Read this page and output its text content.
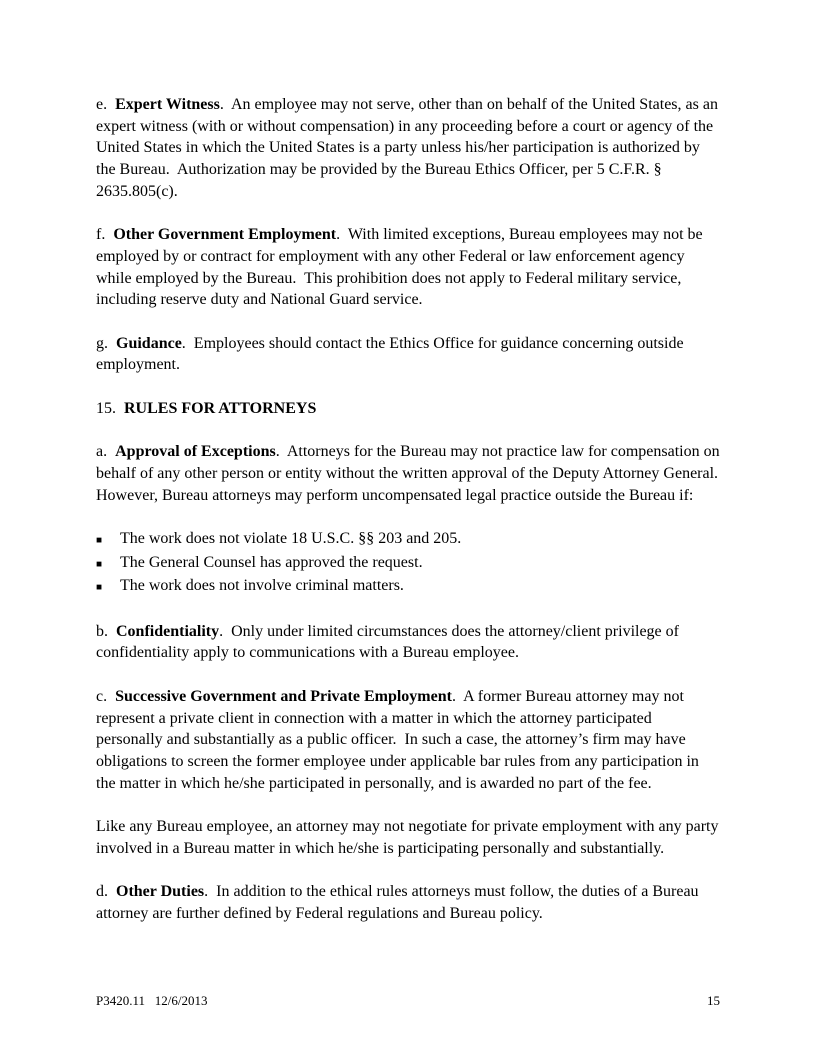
e.  Expert Witness.  An employee may not serve, other than on behalf of the United States, as an expert witness (with or without compensation) in any proceeding before a court or agency of the United States in which the United States is a party unless his/her participation is authorized by the Bureau.  Authorization may be provided by the Bureau Ethics Officer, per 5 C.F.R. § 2635.805(c).

f.  Other Government Employment.  With limited exceptions, Bureau employees may not be employed by or contract for employment with any other Federal or law enforcement agency while employed by the Bureau.  This prohibition does not apply to Federal military service, including reserve duty and National Guard service.

g.  Guidance.  Employees should contact the Ethics Office for guidance concerning outside employment.

15.  RULES FOR ATTORNEYS

a.  Approval of Exceptions.  Attorneys for the Bureau may not practice law for compensation on behalf of any other person or entity without the written approval of the Deputy Attorney General.  However, Bureau attorneys may perform uncompensated legal practice outside the Bureau if:

■	The work does not violate 18 U.S.C. §§ 203 and 205.
■	The General Counsel has approved the request.
■	The work does not involve criminal matters.

b.  Confidentiality.  Only under limited circumstances does the attorney/client privilege of confidentiality apply to communications with a Bureau employee.

c.  Successive Government and Private Employment.  A former Bureau attorney may not represent a private client in connection with a matter in which the attorney participated personally and substantially as a public officer.  In such a case, the attorney’s firm may have obligations to screen the former employee under applicable bar rules from any participation in the matter in which he/she participated in personally, and is awarded no part of the fee.

Like any Bureau employee, an attorney may not negotiate for private employment with any party involved in a Bureau matter in which he/she is participating personally and substantially.

d.  Other Duties.  In addition to the ethical rules attorneys must follow, the duties of a Bureau attorney are further defined by Federal regulations and Bureau policy.

P3420.11   12/6/2013	15
